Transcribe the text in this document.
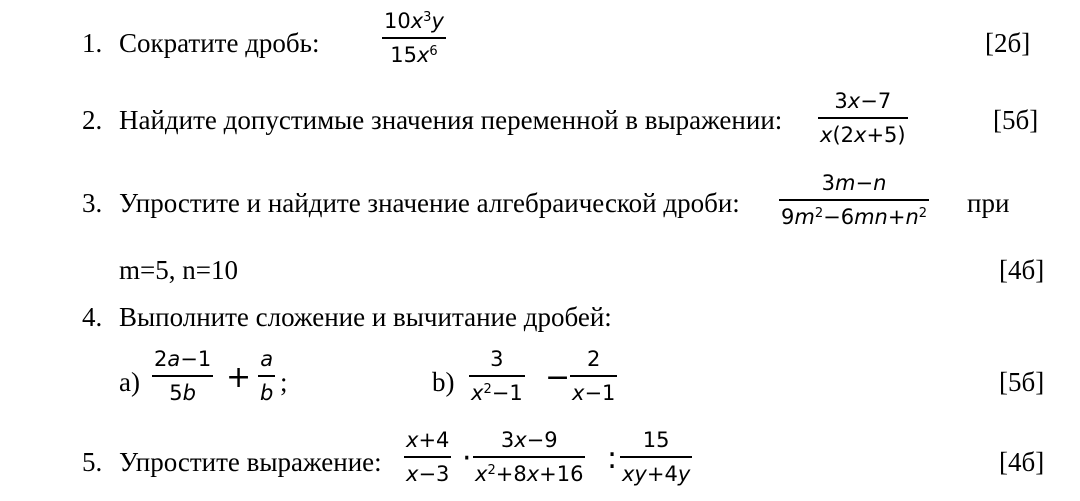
1. Сократите дробь:
$10x^3y$
$15x^6$	[2б]
2. Найдите допустимые значения переменной в выражении:
3x−7
x(2x+5)	[5б]
3. Упростите и найдите значение алгебраической дроби:
3m−n
$9m^2-6mn+n^2$ при
m=5, n=10	[4б]
4. Выполните сложение и вычитание дробей:
a)
2a−1
5b +
a
b ;	b)
3
$x^2-1$ −
2
x−1	[5б]
5. Упростите выражение:
x+4
x−3 ·
3x−9
$x^2+8x+16$ :
15
xy+4y	[4б]
